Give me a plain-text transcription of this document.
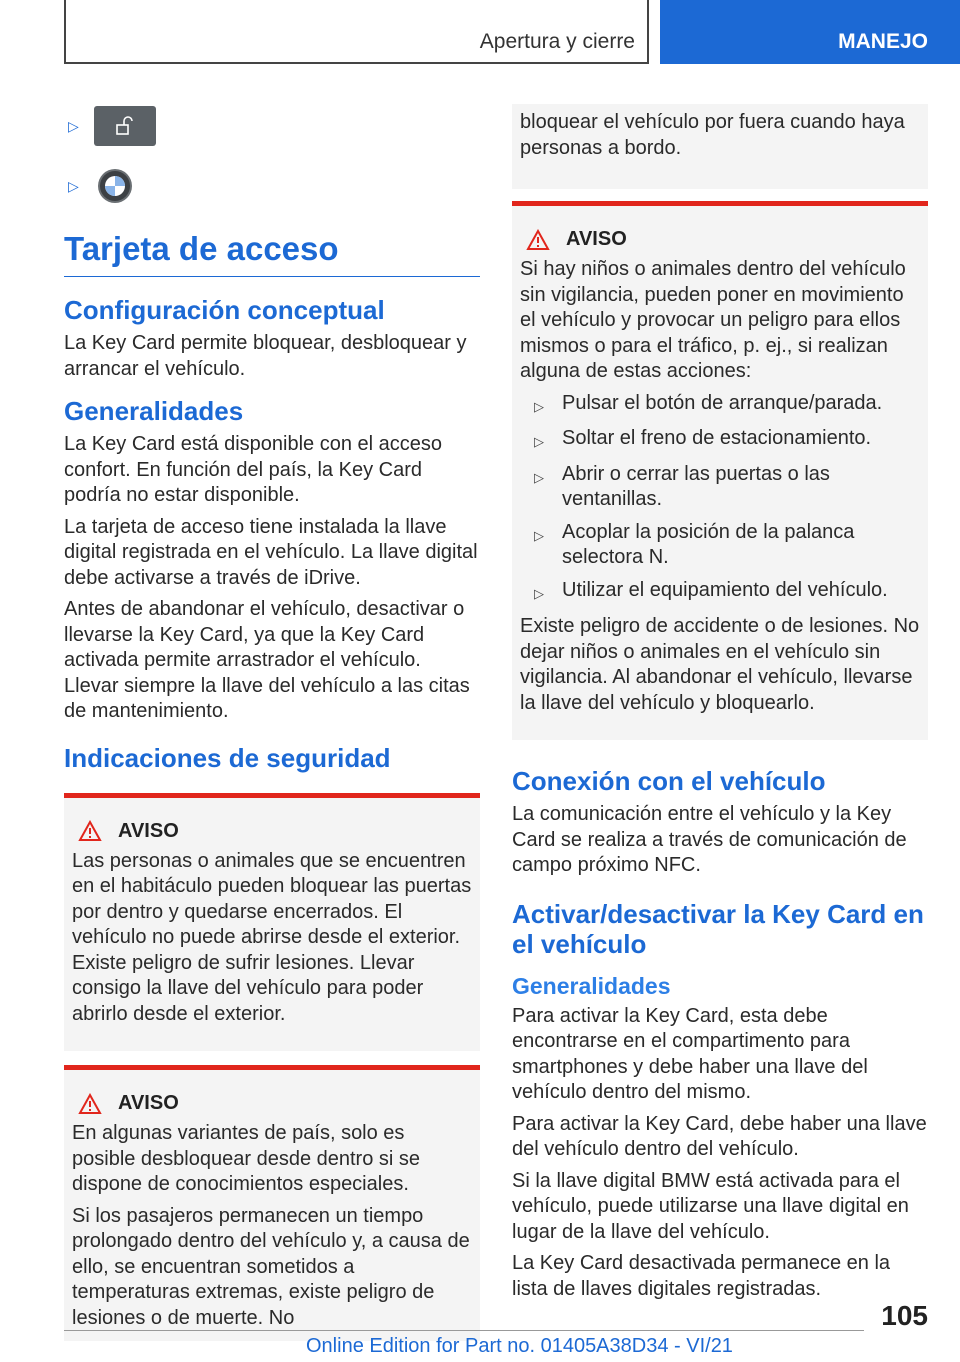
Apertura y cierre	MANEJO
▷
▷
Tarjeta de acceso
Configuración conceptual

La Key Card permite bloquear, desbloquear y arrancar el vehículo.

Generalidades

La Key Card está disponible con el acceso confort. En función del país, la Key Card podría no estar disponible.

La tarjeta de acceso tiene instalada la llave digital registrada en el vehículo. La llave digital debe activarse a través de iDrive.

Antes de abandonar el vehículo, desactivar o llevarse la Key Card, ya que la Key Card activada permite arrastrador el vehículo. Llevar siempre la llave del vehículo a las citas de mantenimiento.

Indicaciones de seguridad
AVISO

Las personas o animales que se encuentren en el habitáculo pueden bloquear las puertas por dentro y quedarse encerrados. El vehículo no puede abrirse desde el exterior. Existe peligro de sufrir lesiones. Llevar consigo la llave del vehículo para poder abrirlo desde el exterior.

AVISO

En algunas variantes de país, solo es posible desbloquear desde dentro si se dispone de conocimientos especiales.

Si los pasajeros permanecen un tiempo prolongado dentro del vehículo y, a causa de ello, se encuentran sometidos a temperaturas extremas, existe peligro de lesiones o de muerte. No

bloquear el vehículo por fuera cuando haya personas a bordo.

AVISO

Si hay niños o animales dentro del vehículo sin vigilancia, pueden poner en movimiento el vehículo y provocar un peligro para ellos mismos o para el tráfico, p. ej., si realizan alguna de estas acciones:

▷ Pulsar el botón de arranque/parada.
▷ Soltar el freno de estacionamiento.
▷ Abrir o cerrar las puertas o las ventanillas.
▷ Acoplar la posición de la palanca selectora N.
▷ Utilizar el equipamiento del vehículo.

Existe peligro de accidente o de lesiones. No dejar niños o animales en el vehículo sin vigilancia. Al abandonar el vehículo, llevarse la llave del vehículo y bloquearlo.

Conexión con el vehículo

La comunicación entre el vehículo y la Key Card se realiza a través de comunicación de campo próximo NFC.

Activar/desactivar la Key Card en el vehículo
Generalidades

Para activar la Key Card, esta debe encontrarse en el compartimento para smartphones y debe haber una llave del vehículo dentro del mismo.

Para activar la Key Card, debe haber una llave del vehículo dentro del vehículo.

Si la llave digital BMW está activada para el vehículo, puede utilizarse una llave digital en lugar de la llave del vehículo.

La Key Card desactivada permanece en la lista de llaves digitales registradas.

105
Online Edition for Part no. 01405A38D34 - VI/21
